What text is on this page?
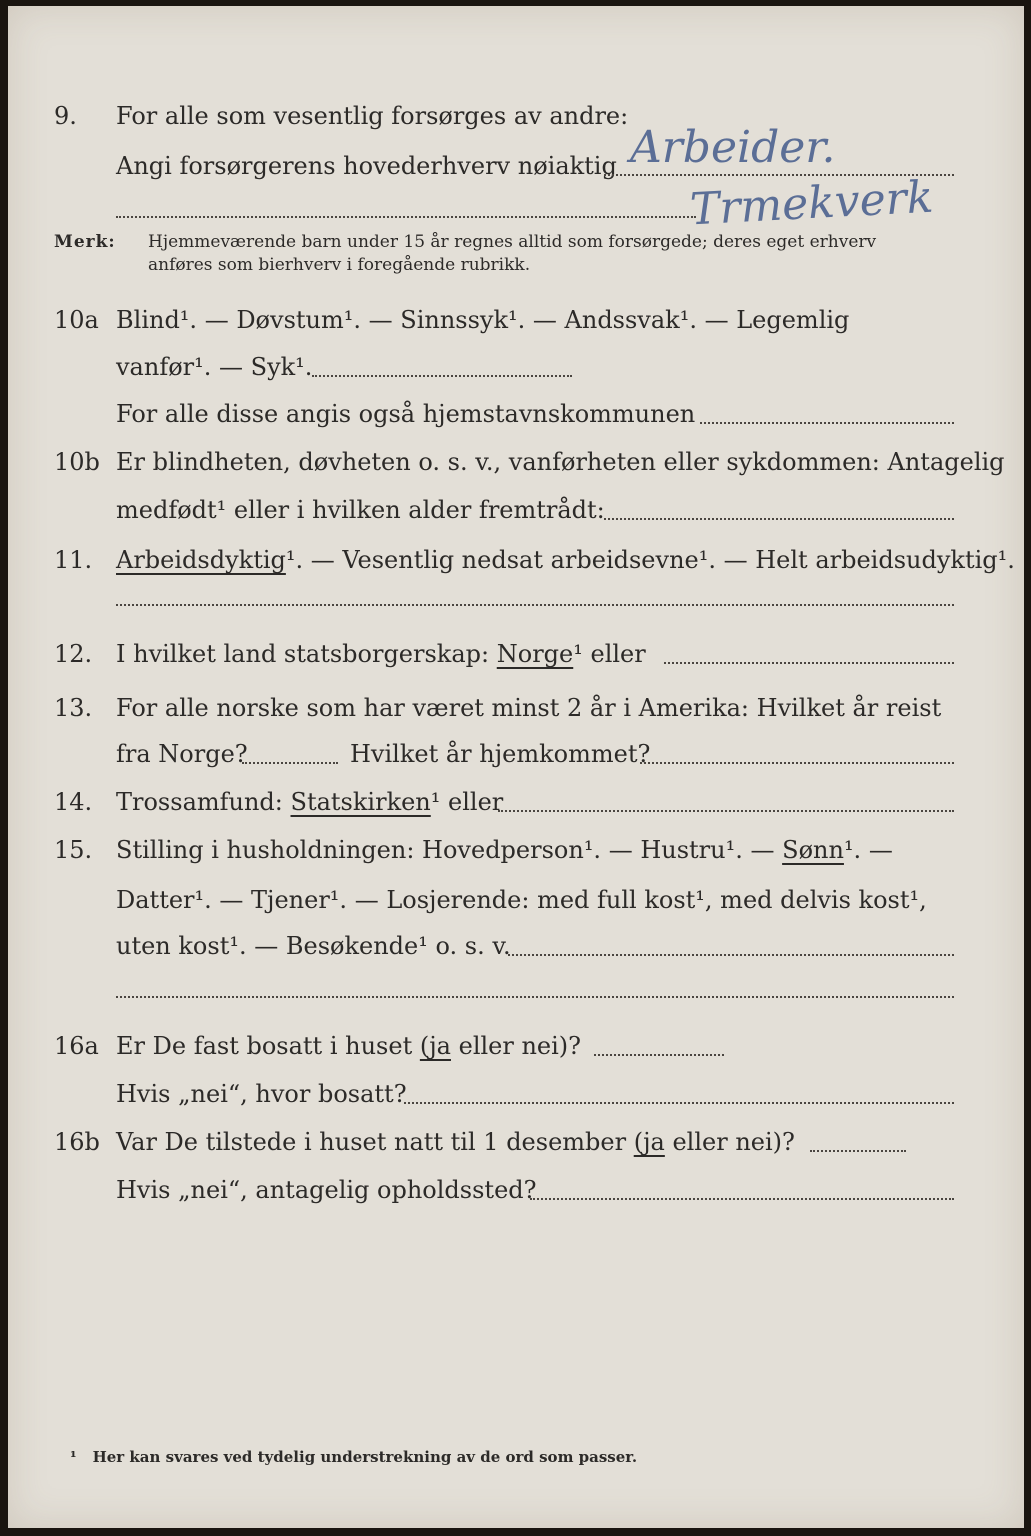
9. For alle som vesentlig forsørges av andre:
Angi forsørgerens hovederhverv nøiaktig Arbeider.
Trmekverk
Merk: Hjemmeværende barn under 15 år regnes alltid som forsørgede; deres eget erhverv
anføres som bierhverv i foregående rubrikk.
10a Blind¹. — Døvstum¹. — Sinnssyk¹. — Andssvak¹. — Legemlig
vanfør¹. — Syk¹.
For alle disse angis også hjemstavnskommunen
10b Er blindheten, døvheten o. s. v., vanførheten eller sykdommen: Antagelig
medfødt¹ eller i hvilken alder fremtrådt:
11. Arbeidsdyktig¹. — Vesentlig nedsat arbeidsevne¹. — Helt arbeidsudyktig¹.
12. I hvilket land statsborgerskap: Norge¹ eller
13. For alle norske som har været minst 2 år i Amerika: Hvilket år reist
fra Norge?	Hvilket år hjemkommet?
14. Trossamfund: Statskirken¹ eller
15. Stilling i husholdningen: Hovedperson¹. — Hustru¹. — Sønn¹. —
Datter¹. — Tjener¹. — Losjerende: med full kost¹, med delvis kost¹,
uten kost¹. — Besøkende¹ o. s. v.
16a Er De fast bosatt i huset (ja eller nei)?
Hvis „nei“, hvor bosatt?
16b Var De tilstede i huset natt til 1 desember (ja eller nei)?
Hvis „nei“, antagelig opholdssted?
¹ Her kan svares ved tydelig understrekning av de ord som passer.
